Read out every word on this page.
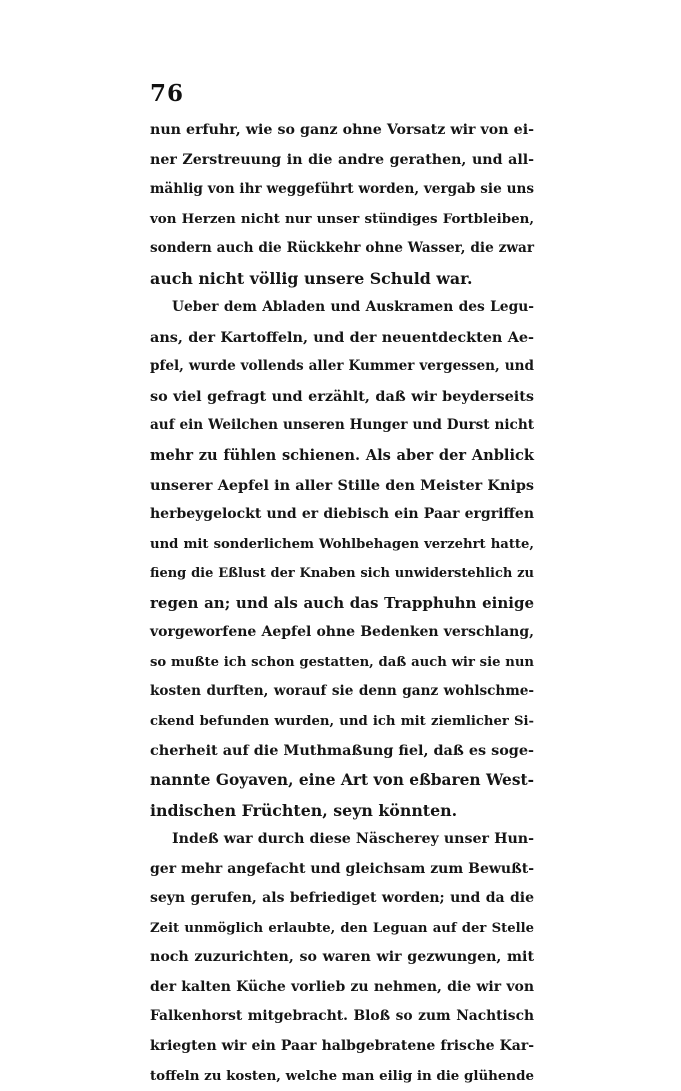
76
nun erfuhr, wie so ganz ohne Vorsatz wir von ei-
ner Zerstreuung in die andre gerathen, und all-
mählig von ihr weggeführt worden, vergab sie uns
von Herzen nicht nur unser stündiges Fortbleiben,
sondern auch die Rückkehr ohne Wasser, die zwar
auch nicht völlig unsere Schuld war.
Ueber dem Abladen und Auskramen des Legu-
ans, der Kartoffeln, und der neuentdeckten Ae-
pfel, wurde vollends aller Kummer vergessen, und
so viel gefragt und erzählt, daß wir beyderseits
auf ein Weilchen unseren Hunger und Durst nicht
mehr zu fühlen schienen. Als aber der Anblick
unserer Aepfel in aller Stille den Meister Knips
herbeygelockt und er diebisch ein Paar ergriffen
und mit sonderlichem Wohlbehagen verzehrt hatte,
fieng die Eßlust der Knaben sich unwiderstehlich zu
regen an; und als auch das Trapphuhn einige
vorgeworfene Aepfel ohne Bedenken verschlang,
so mußte ich schon gestatten, daß auch wir sie nun
kosten durften, worauf sie denn ganz wohlschme-
ckend befunden wurden, und ich mit ziemlicher Si-
cherheit auf die Muthmaßung fiel, daß es soge-
nannte Goyaven, eine Art von eßbaren West-
indischen Früchten, seyn könnten.
Indeß war durch diese Näscherey unser Hun-
ger mehr angefacht und gleichsam zum Bewußt-
seyn gerufen, als befriediget worden; und da die
Zeit unmöglich erlaubte, den Leguan auf der Stelle
noch zuzurichten, so waren wir gezwungen, mit
der kalten Küche vorlieb zu nehmen, die wir von
Falkenhorst mitgebracht. Bloß so zum Nachtisch
kriegten wir ein Paar halbgebratene frische Kar-
toffeln zu kosten, welche man eilig in die glühende
